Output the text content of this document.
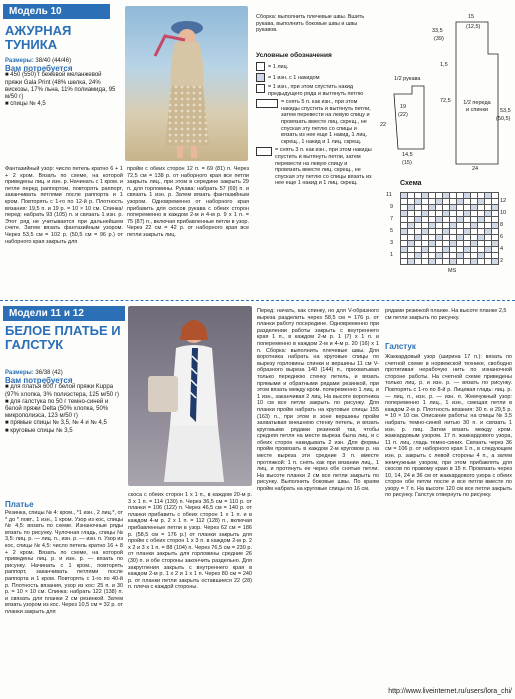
Модель 10
АЖУРНАЯ ТУНИКА
Размеры: 38/40 (44/46)
Вам потребуется
■ 450 (550) г бежевой меланжевой пряжи Gala Print (48% шелка, 24% вискозы, 17% льна, 11% полиамида, 95 м/50 г)
■ спицы № 4,5
Фантазийный узор: число петель кратно 6 + 1 + 2 кром. Вязать по схеме, на которой приведены лиц. и изн. р. Начинать с 1 кром. и петли перед раппортом, повторять раппорт, заканчивать петлями после раппорта и 1 кром. Повторять с 1-го по 12-й р. Плотность вязания: 19,5 п. и 19 р. = 10 × 10 см. Спинка/перед: набрать 93 (105) п. и связать 1 изн. р. Этот ряд не учитывается при дальнейшем счете. Затем вязать фантазийным узором. Через 53,5 см = 102 р. (50,5 см = 96 р.) от наборного края закрыть для
пройм с обеих сторон 12 п. = 69 (81) п. Через 72,5 см = 138 р. от наборного края все петли закрыть лиц., при этом в середине закрыть 29 п. для горловины. Рукава: набрать 57 (69) п. и связать 1 изн. р. Затем вязать фантазийным узором. Одновременно от наборного края прибавить для скосов рукава с обеих сторон попеременно в каждом 2-м и 4-м р. 9 х 1 п. = 75 (87) п., включая прибавленные петли в узор. Через 22 см = 42 р. от наборного края все петли закрыть лиц.
Сборка: выполнить плечевые швы. Вшить рукава, выполнить боковые швы и швы рукавов.
Условные обозначения
= 1 лиц.
= 1 изн. с 1 накидом
= 1 изн., при этом спустить накид предыдущего ряда и вытянуть петлю
= снять 5 п. как изн., при этом накиды спустить и вытянуть петли, затем перевести на левую спицу и провязать вместе лиц. скрещ., не спуская эту петлю со спицы и вязать из нее еще 1 накид, 1 лиц. скрещ., 1 накид и 1 лиц. скрещ.
= снять 3 п. как изн., при этом накиды спустить и вытянуть петли, затем перевести на левую спицу и провязать вместе лиц. скрещ., не спуская эту петлю со спицы вязать из нее еще 1 накид и 1 лиц. скрещ.
15
(12,5)
33,5
(39)
1,5
72,5
53,5
(50,5)
1/2 переда и спинки
1/2 рукава
19
(22)
22
14,5
(15)
24
Схема
11
9
7
5
3
1
12
10
8
6
4
2
MS
Модели 11 и 12
БЕЛОЕ ПЛАТЬЕ И ГАЛСТУК
Размеры: 36/38 (42)
Вам потребуется
■ для платья 600 г белой пряжи Kuppa (97% хлопка, 3% полиэстера, 125 м/50 г)
■ для галстука по 50 г темно-синей и белой пряжи Delta (50% хлопка, 50% микрополиэса, 123 м/50 г)
■ прямые спицы № 3,5, № 4 и № 4,5
■ круговые спицы № 3,5
Платье
Резинка, спицы № 4: кром., *1 изн., 2 лиц.*, от * до * повт., 1 изн., 1 кром. Узор из кос, спицы № 4,5: вязать по схеме. Изнаночные ряды вязать по рисунку. Чулочная гладь, спицы № 3,5: лиц. р. — лиц. п., изн. р. — изн. п. Узор из кос, спицы № 4,5: число петель кратно 16 + 8 + 2 кром. Вязать по схеме, на которой приведены лиц. р. и изн. р. — вязать по рисунку. Начинать с 1 кром., повторять раппорт, заканчивать петлями после раппорта и 1 кром. Повторять с 1-го по 40-й р. Плотность вязания, узор из кос: 25 п. и 30 р. = 10 × 10 см. Спинка: набрать 122 (138) п. и связать для планки 2 см резинкой. Затем вязать узором из кос. Через 10,5 см = 32 р. от планки закрыть для
скоса с обеих сторон 1 х 1 п., в каждом 20-м р. 3 х 1 п. = 114 (130) п. Через 36,5 см = 110 р. от планки = 106 (122) п. Через 46,5 см = 140 р. от планки прибавить с обеих сторон 1 х 1 п. и в каждом 4-м р. 2 х 1 п. = 112 (128) п., включая прибавленные петли в узор. Через 62 см = 186 р. (58,5 см = 176 р.) от планки закрыть для пройм с обеих сторон 1 х 3 п. в каждом 2-м р. 2 х 2 и 3 х 1 п. = 88 (104) п. Через 76,5 см = 230 р. от планки закрыть для горловины средние 26 (30) п. и обе стороны закончить раздельно. Для закругления закрыть с внутреннего края в каждом 2-м р. 1 х 2 и 1 х 1 п. Через 80 см = 240 р. от планки петли закрыть оставшиеся 22 (28) п. плеча с каждой стороны.
Перед: начать, как спинку, но для V-образного выреза разделить через 58,5 см = 176 р. от планки работу посередине. Одновременно при разделении работы закрыть с внутреннего края 1 п., в каждом 2-м р. 1 (7) х 1 п. и попеременно в каждом 2-м и 4-м р. 20 (16) х 1 п. Сборка: выполнить плечевые швы. Для воротника набрать на круговые спицы по вырезу горловины спинки и вершины 11 см V-образного выреза 140 (144) п., прихватывая только переднюю стенку петель, и вязать прямыми и обратными рядами резинкой, при этом вязать между кром. попеременно 1 лиц. и 1 изн., заканчивая 2 лиц. На высоте воротника 10 см все петли закрыть по рисунку. Для планки пройм набрать на круговые спицы 155 (163) п., при этом в зоне вершины пройм захватывая внешнюю стенку петель, и вязать круговыми рядами резинкой так, чтобы средняя петля на месте выреза была лиц. и с обеих сторон накидывать 2 изн. Для формы пройм провязать в каждом 2-м круговом р. на месте выреза эти средние 3 п. вместе протяжкой: 1 п. снять как при вязании лиц., 1 лиц. и протянуть ее через обе снятые петли. На высоте планки 2 см все петли закрыть по рисунку. Выполнить боковые швы. По краям пройм набрать на круговые спицы по 16 см.
рядами резинкой планке. На высоте планке 2,5 см петли закрыть по рисунку.
Галстук
Жаккардовый узор (ширина 17 п.): вязать по счетной схеме в норвежской технике, свободно протягивая нерабочую нить по изнаночной стороне работы. На счетной схеме приведены только лиц. р. и изн. р. — вязать по рисунку. Повторять с 1-го по 8-й р. Лицевая гладь: лиц. р. — лиц. п., изн. р. — изн. п. Жемчужный узор: попеременно 1 лиц., 1 изн., смещая петли в каждом 2-м р. Плотность вязания: 30 п. и 29,5 р. = 10 × 10 см. Описание работы: на спицы № 3,5 набрать темно-синей нитью 30 п. и связать 1 изн. р. лиц. Затем вязать между кром. жаккардовым узором. 17 п. жаккардового узора, 11 п. лиц. гладь темно-синих. Связать через 36 см = 106 р. от наборного края 1 п., в следующем изн. р. закрыть с левой стороны 4 п., а затем жемчужным узором, при этом прибавлять для скосов по правому краю в 15 п. Провязать через 10, 14, 24 и 36 см от жаккардового узора с обеих сторон обе петли после и все петли вместе по узору = 7 п. На высоте 120 см все петли закрыть по рисунку. Галстук отвернуть по рисунку.
http://www.liveinternet.ru/users/lora_chi/
